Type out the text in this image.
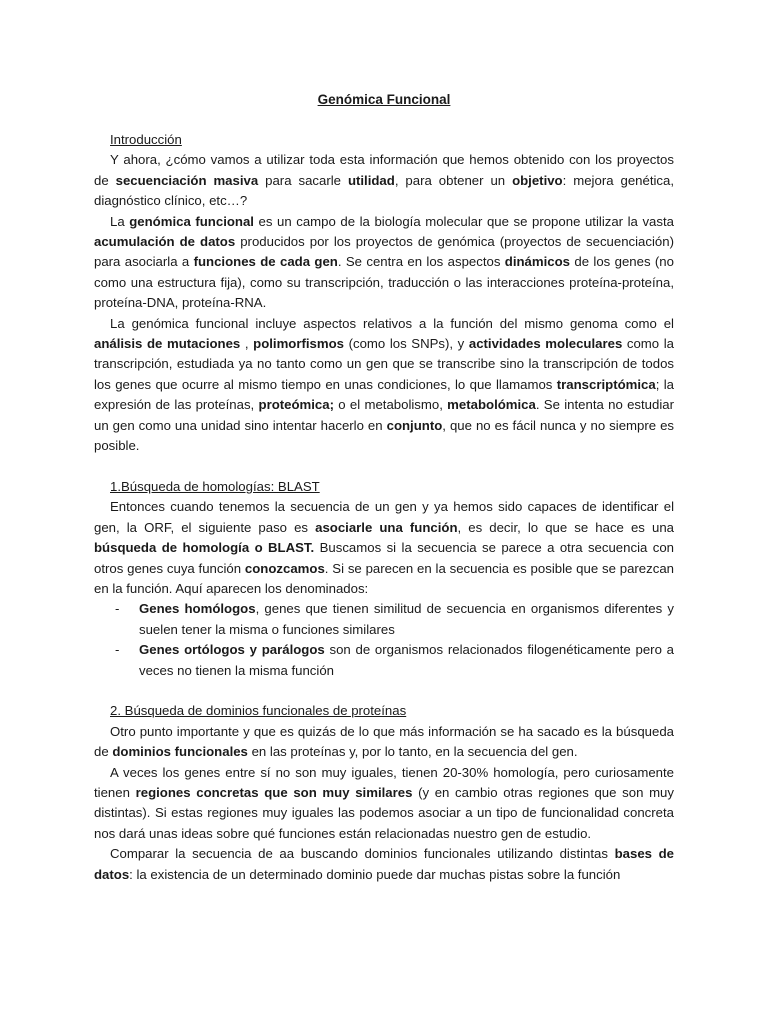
Genómica Funcional
Introducción

Y ahora, ¿cómo vamos a utilizar toda esta información que hemos obtenido con los proyectos de secuenciación masiva para sacarle utilidad, para obtener un objetivo: mejora genética, diagnóstico clínico, etc…?

La genómica funcional es un campo de la biología molecular que se propone utilizar la vasta acumulación de datos producidos por los proyectos de genómica (proyectos de secuenciación) para asociarla a funciones de cada gen. Se centra en los aspectos dinámicos de los genes (no como una estructura fija), como su transcripción, traducción o las interacciones proteína-proteína, proteína-DNA, proteína-RNA.

La genómica funcional incluye aspectos relativos a la función del mismo genoma como el análisis de mutaciones , polimorfismos (como los SNPs), y actividades moleculares como la transcripción, estudiada ya no tanto como un gen que se transcribe sino la transcripción de todos los genes que ocurre al mismo tiempo en unas condiciones, lo que llamamos transcriptómica; la expresión de las proteínas, proteómica; o el metabolismo, metabolómica. Se intenta no estudiar un gen como una unidad sino intentar hacerlo en conjunto, que no es fácil nunca y no siempre es posible.

1.Búsqueda de homologías: BLAST

Entonces cuando tenemos la secuencia de un gen y ya hemos sido capaces de identificar el gen, la ORF, el siguiente paso es asociarle una función, es decir, lo que se hace es una búsqueda de homología o BLAST. Buscamos si la secuencia se parece a otra secuencia con otros genes cuya función conozcamos. Si se parecen en la secuencia es posible que se parezcan en la función. Aquí aparecen los denominados:

- Genes homólogos, genes que tienen similitud de secuencia en organismos diferentes y suelen tener la misma o funciones similares
- Genes ortólogos y parálogos son de organismos relacionados filogenéticamente pero a veces no tienen la misma función
2. Búsqueda de dominios funcionales de proteínas

Otro punto importante y que es quizás de lo que más información se ha sacado es la búsqueda de dominios funcionales en las proteínas y, por lo tanto, en la secuencia del gen.

A veces los genes entre sí no son muy iguales, tienen 20-30% homología, pero curiosamente tienen regiones concretas que son muy similares (y en cambio otras regiones que son muy distintas). Si estas regiones muy iguales las podemos asociar a un tipo de funcionalidad concreta nos dará unas ideas sobre qué funciones están relacionadas nuestro gen de estudio.

Comparar la secuencia de aa buscando dominios funcionales utilizando distintas bases de datos: la existencia de un determinado dominio puede dar muchas pistas sobre la función
